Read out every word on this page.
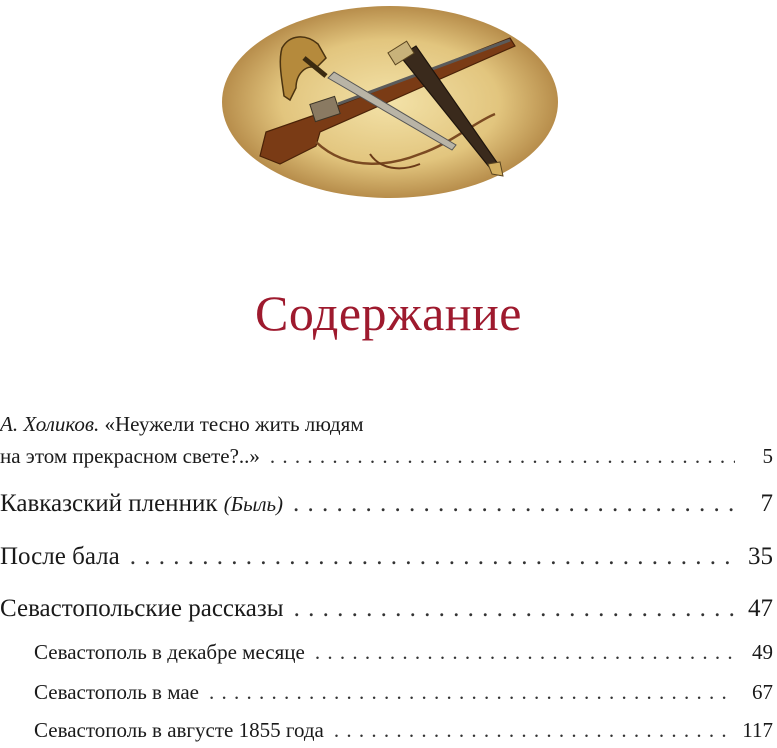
Содержание
А. Холиков. «Неужели тесно жить людям
на этом прекрасном свете?..» . . .	5
Кавказский пленник (Быль) . . .	7
После бала . . .	35
Севастопольские рассказы . . .	47
Севастополь в декабре месяце . . .	49
Севастополь в мае . . .	67
Севастополь в августе 1855 года . . .	117
